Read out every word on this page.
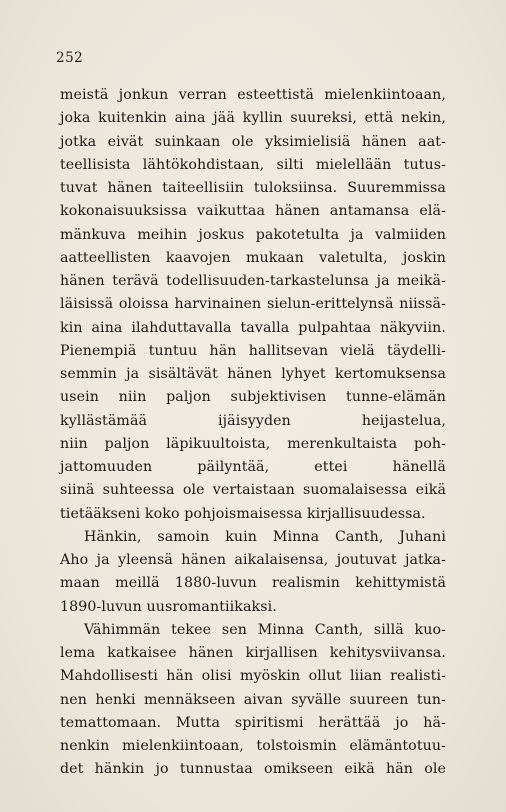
252
meistä jonkun verran esteettistä mielenkiintoaan,
joka kuitenkin aina jää kyllin suureksi, että nekin,
jotka eivät suinkaan ole yksimielisiä hänen aat-
teellisista lähtökohdistaan, silti mielellään tutus-
tuvat hänen taiteellisiin tuloksiinsa. Suuremmissa
kokonaisuuksissa vaikuttaa hänen antamansa elä-
mänkuva meihin joskus pakotetulta ja valmiiden
aatteellisten kaavojen mukaan valetulta, joskin
hänen terävä todellisuuden-tarkastelunsa ja meikä-
läisissä oloissa harvinainen sielun-erittelynsä niissä-
kin aina ilahduttavalla tavalla pulpahtaa näkyviin.
Pienempiä tuntuu hän hallitsevan vielä täydelli-
semmin ja sisältävät hänen lyhyet kertomuksensa
usein niin paljon subjektivisen tunne-elämän
kyllästämää ijäisyyden heijastelua,
niin paljon läpikuultoista, merenkultaista poh-
jattomuuden päilyntää, ettei hänellä
siinä suhteessa ole vertaistaan suomalaisessa eikä
tietääkseni koko pohjoismaisessa kirjallisuudessa.
Hänkin, samoin kuin Minna Canth, Juhani
Aho ja yleensä hänen aikalaisensa, joutuvat jatka-
maan meillä 1880-luvun realismin kehittymistä
1890-luvun uusromantiikaksi.
Vähimmän tekee sen Minna Canth, sillä kuo-
lema katkaisee hänen kirjallisen kehitysviivansa.
Mahdollisesti hän olisi myöskin ollut liian realisti-
nen henki mennäkseen aivan syvälle suureen tun-
temattomaan. Mutta spiritismi herättää jo hä-
nenkin mielenkiintoaan, tolstoismin elämäntotuu-
det hänkin jo tunnustaa omikseen eikä hän ole
